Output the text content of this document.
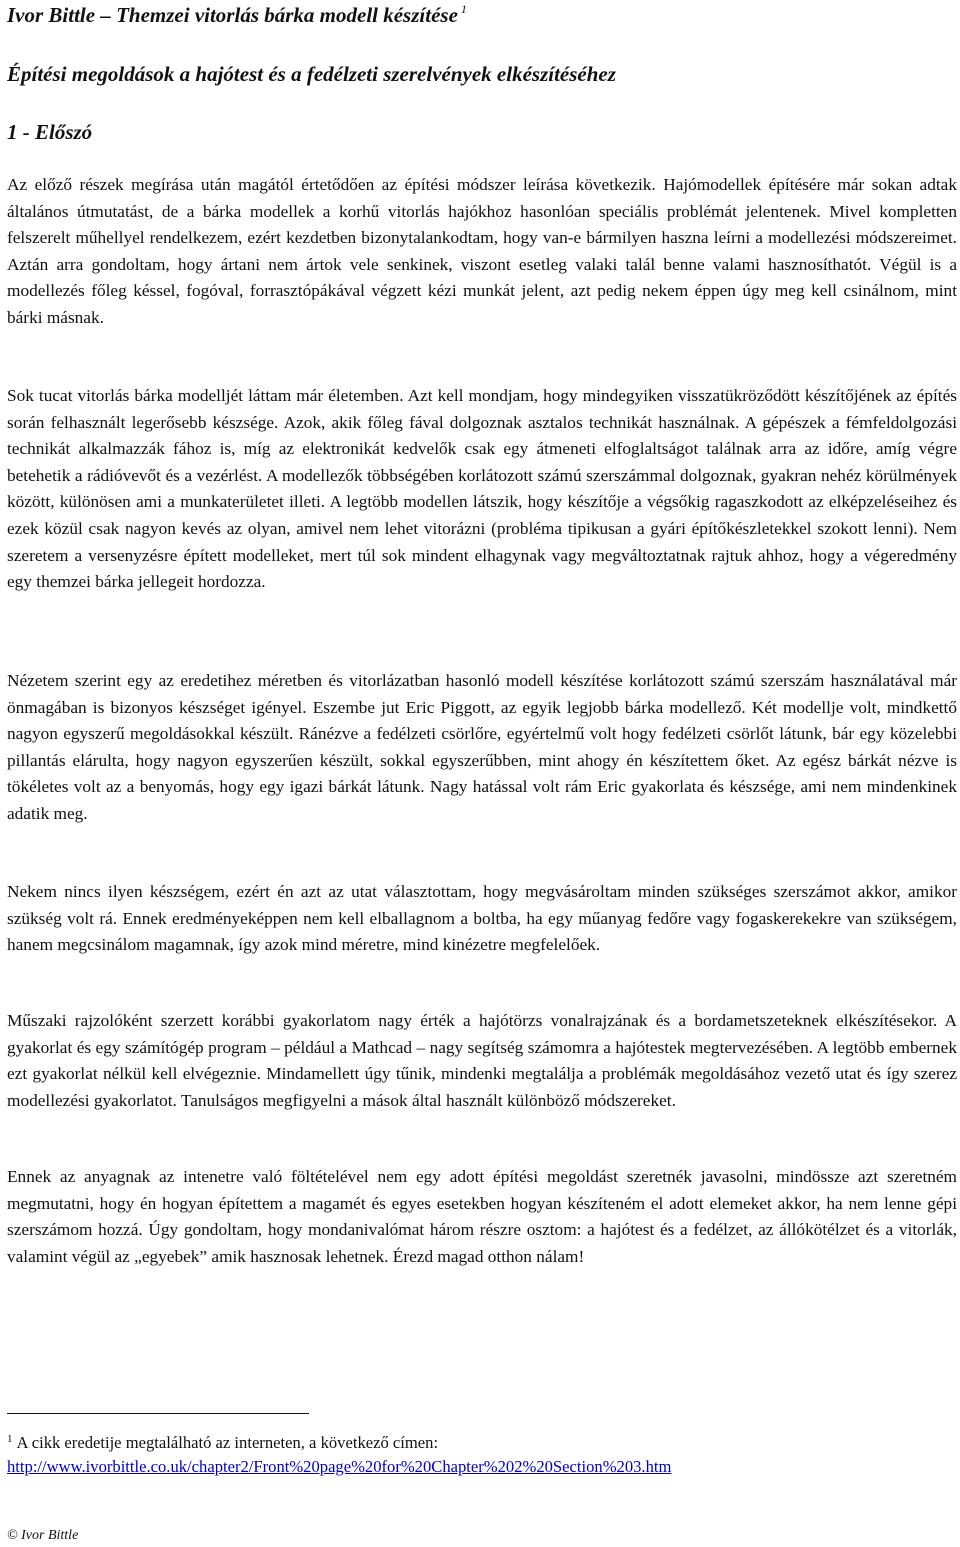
Ivor Bittle – Themzei vitorlás bárka modell készítése $^1$
Építési megoldások a hajótest és a fedélzeti szerelvények elkészítéséhez
1 - Előszó

Az előző részek megírása után magától értetődően az építési módszer leírása következik. Hajómodellek építésére már sokan adtak általános útmutatást, de a bárka modellek a korhű vitorlás hajókhoz hasonlóan speciális problémát jelentenek. Mivel kompletten felszerelt műhellyel rendelkezem, ezért kezdetben bizonytalankodtam, hogy van-e bármilyen haszna leírni a modellezési módszereimet. Aztán arra gondoltam, hogy ártani nem ártok vele senkinek, viszont esetleg valaki talál benne valami hasznosíthatót. Végül is a modellezés főleg késsel, fogóval, forrasztópákával végzett kézi munkát jelent, azt pedig nekem éppen úgy meg kell csinálnom, mint bárki másnak.

Sok tucat vitorlás bárka modelljét láttam már életemben. Azt kell mondjam, hogy mindegyiken visszatükröződött készítőjének az építés során felhasznált legerősebb készsége. Azok, akik főleg fával dolgoznak asztalos technikát használnak. A gépészek a fémfeldolgozási technikát alkalmazzák fához is, míg az elektronikát kedvelők csak egy átmeneti elfoglaltságot találnak arra az időre, amíg végre betehetik a rádióvevőt és a vezérlést. A modellezők többségében korlátozott számú szerszámmal dolgoznak, gyakran nehéz körülmények között, különösen ami a munkaterületet illeti. A legtöbb modellen látszik, hogy készítője a végsőkig ragaszkodott az elképzeléseihez és ezek közül csak nagyon kevés az olyan, amivel nem lehet vitorázni (probléma tipikusan a gyári építőkészletekkel szokott lenni). Nem szeretem a versenyzésre épített modelleket, mert túl sok mindent elhagynak vagy megváltoztatnak rajtuk ahhoz, hogy a végeredmény egy themzei bárka jellegeit hordozza.

Nézetem szerint egy az eredetihez méretben és vitorlázatban hasonló modell készítése korlátozott számú szerszám használatával már önmagában is bizonyos készséget igényel. Eszembe jut Eric Piggott, az egyik legjobb bárka modellező. Két modellje volt, mindkettő nagyon egyszerű megoldásokkal készült. Ránézve a fedélzeti csörlőre, egyértelmű volt hogy fedélzeti csörlőt látunk, bár egy közelebbi pillantás elárulta, hogy nagyon egyszerűen készült, sokkal egyszerűbben, mint ahogy én készítettem őket. Az egész bárkát nézve is tökéletes volt az a benyomás, hogy egy igazi bárkát látunk. Nagy hatással volt rám Eric gyakorlata és készsége, ami nem mindenkinek adatik meg.

Nekem nincs ilyen készségem, ezért én azt az utat választottam, hogy megvásároltam minden szükséges szerszámot akkor, amikor szükség volt rá. Ennek eredményeképpen nem kell elballagnom a boltba, ha egy műanyag fedőre vagy fogaskerekekre van szükségem, hanem megcsinálom magamnak, így azok mind méretre, mind kinézetre megfelelőek.

Műszaki rajzolóként szerzett korábbi gyakorlatom nagy érték a hajótörzs vonalrajzának és a bordametszeteknek elkészítésekor. A gyakorlat és egy számítógép program – például a Mathcad – nagy segítség számomra a hajótestek megtervezésében. A legtöbb embernek ezt gyakorlat nélkül kell elvégeznie. Mindamellett úgy tűnik, mindenki megtalálja a problémák megoldásához vezető utat és így szerez modellezési gyakorlatot. Tanulságos megfigyelni a mások által használt különböző módszereket.

Ennek az anyagnak az intenetre való föltételével nem egy adott építési megoldást szeretnék javasolni, mindössze azt szeretném megmutatni, hogy én hogyan építettem a magamét és egyes esetekben hogyan készíteném el adott elemeket akkor, ha nem lenne gépi szerszámom hozzá. Úgy gondoltam, hogy mondanivalómat három részre osztom: a hajótest és a fedélzet, az állókötélzet és a vitorlák, valamint végül az „egyebek” amik hasznosak lehetnek. Érezd magad otthon nálam!

$^1$ A cikk eredetije megtalálható az interneten, a következő címen:
http://www.ivorbittle.co.uk/chapter2/Front%20page%20for%20Chapter%202%20Section%203.htm
© Ivor Bittle
